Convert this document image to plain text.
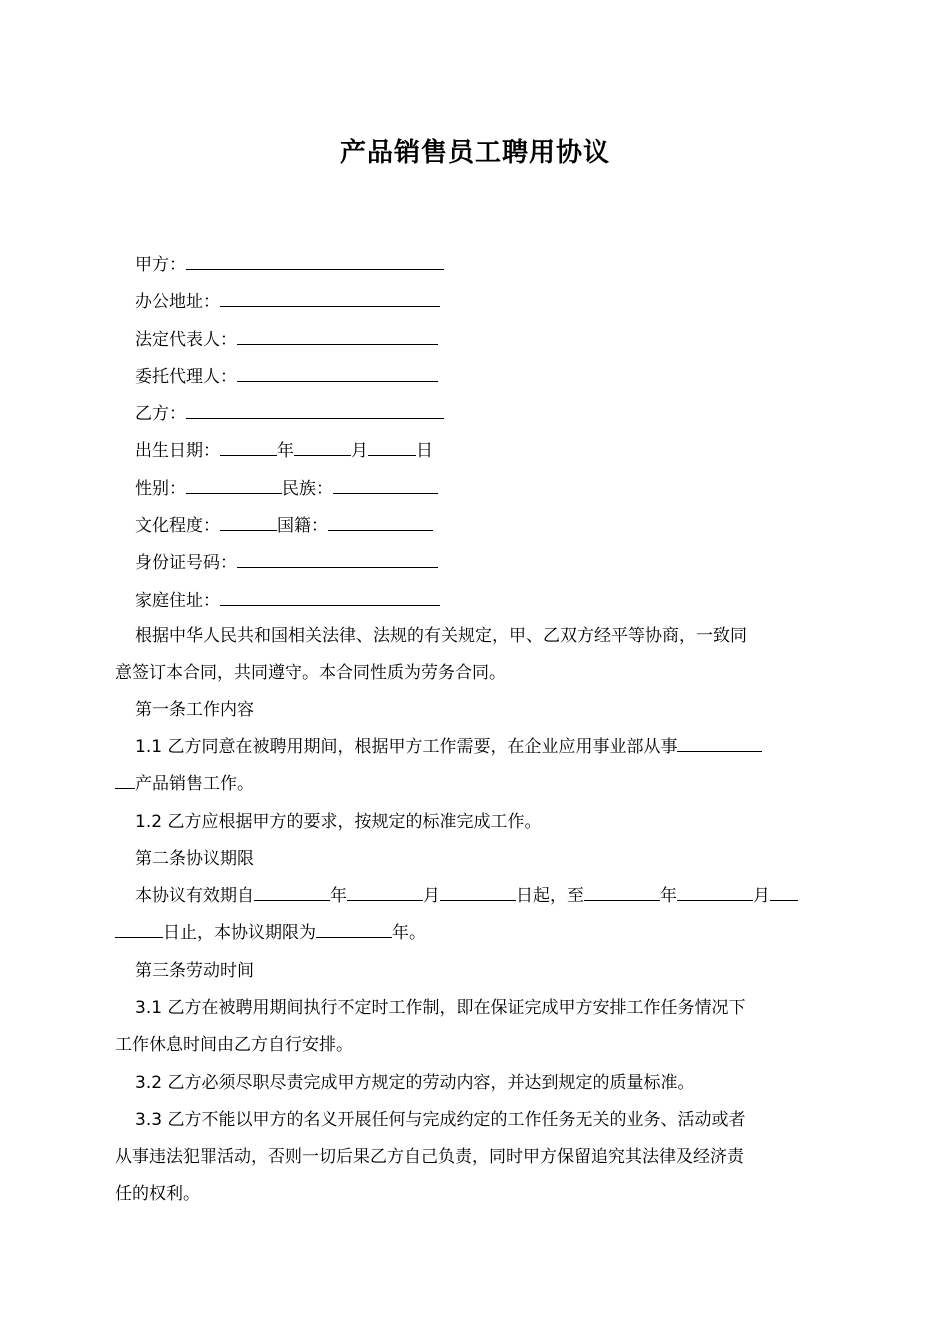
产品销售员工聘用协议
甲方：
办公地址：
法定代表人：
委托代理人：
乙方：
出生日期：	年	月	日
性别：	民族：
文化程度：	国籍：
身份证号码：
家庭住址：
根据中华人民共和国相关法律、法规的有关规定，甲、乙双方经平等协商，一致同
意签订本合同，共同遵守。本合同性质为劳务合同。
第一条工作内容
1.1 乙方同意在被聘用期间，根据甲方工作需要，在企业应用事业部从事
产品销售工作。
1.2 乙方应根据甲方的要求，按规定的标准完成工作。
第二条协议期限
本协议有效期自	年	月	日起，至	年	月
日止，本协议期限为	年。
第三条劳动时间
3.1 乙方在被聘用期间执行不定时工作制，即在保证完成甲方安排工作任务情况下
工作休息时间由乙方自行安排。
3.2 乙方必须尽职尽责完成甲方规定的劳动内容，并达到规定的质量标准。
3.3 乙方不能以甲方的名义开展任何与完成约定的工作任务无关的业务、活动或者
从事违法犯罪活动，否则一切后果乙方自己负责，同时甲方保留追究其法律及经济责
任的权利。
